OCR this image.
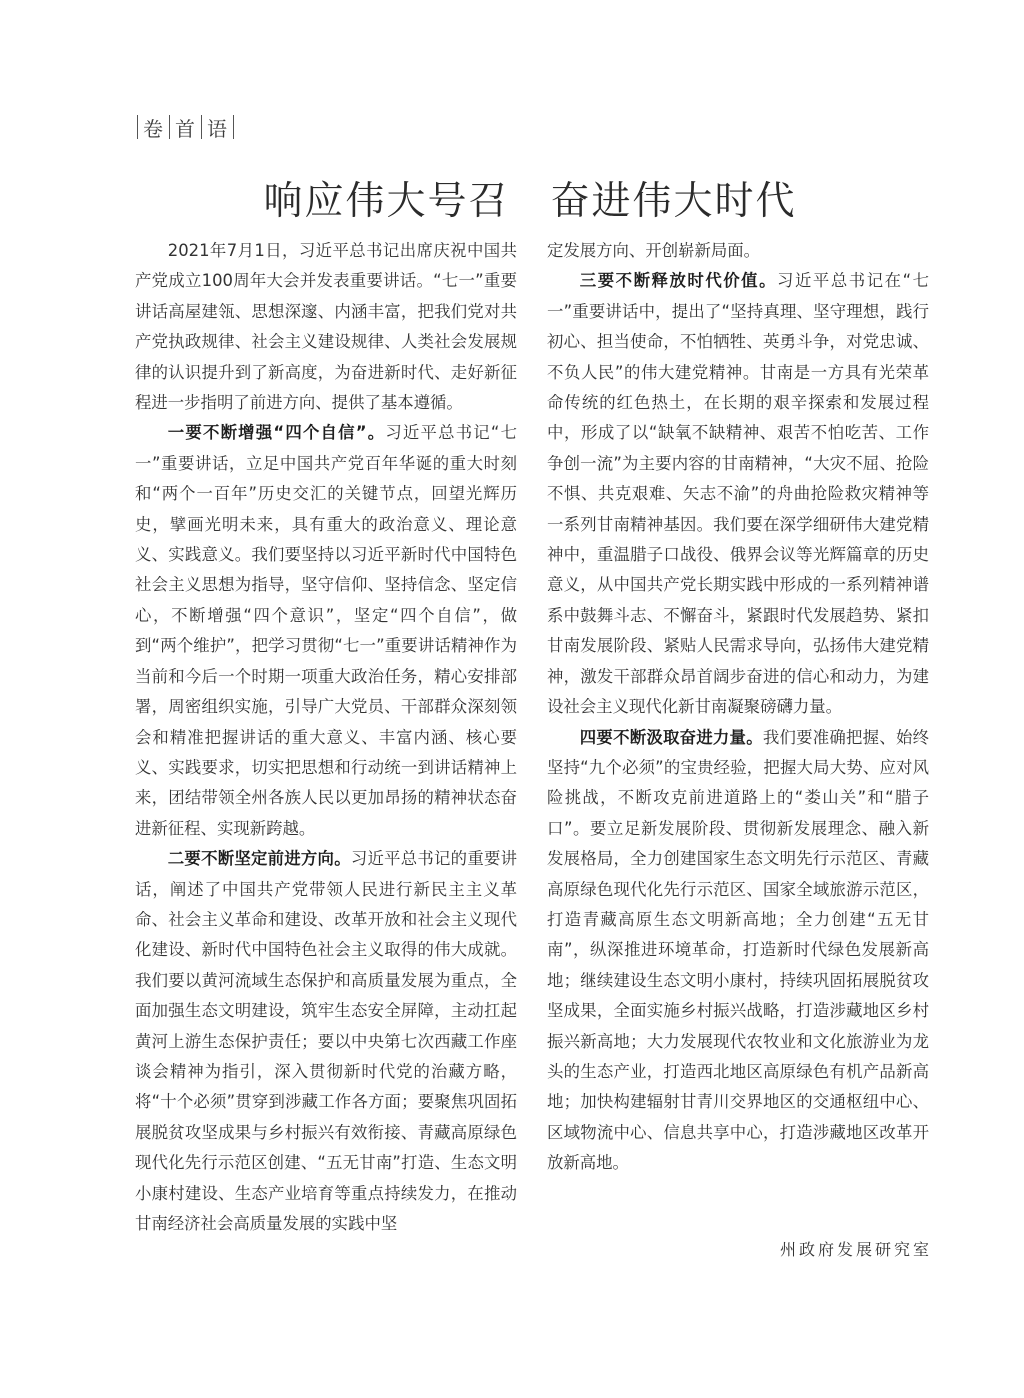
卷 首 语
响应伟大号召　奋进伟大时代

2021年7月1日，习近平总书记出席庆祝中国共产党成立100周年大会并发表重要讲话。“七一”重要讲话高屋建瓴、思想深邃、内涵丰富，把我们党对共产党执政规律、社会主义建设规律、人类社会发展规律的认识提升到了新高度，为奋进新时代、走好新征程进一步指明了前进方向、提供了基本遵循。

一要不断增强“四个自信”。习近平总书记“七一”重要讲话，立足中国共产党百年华诞的重大时刻和“两个一百年”历史交汇的关键节点，回望光辉历史，擘画光明未来，具有重大的政治意义、理论意义、实践意义。我们要坚持以习近平新时代中国特色社会主义思想为指导，坚守信仰、坚持信念、坚定信心，不断增强“四个意识”，坚定“四个自信”，做到“两个维护”，把学习贯彻“七一”重要讲话精神作为当前和今后一个时期一项重大政治任务，精心安排部署，周密组织实施，引导广大党员、干部群众深刻领会和精准把握讲话的重大意义、丰富内涵、核心要义、实践要求，切实把思想和行动统一到讲话精神上来，团结带领全州各族人民以更加昂扬的精神状态奋进新征程、实现新跨越。

二要不断坚定前进方向。习近平总书记的重要讲话，阐述了中国共产党带领人民进行新民主主义革命、社会主义革命和建设、改革开放和社会主义现代化建设、新时代中国特色社会主义取得的伟大成就。我们要以黄河流域生态保护和高质量发展为重点，全面加强生态文明建设，筑牢生态安全屏障，主动扛起黄河上游生态保护责任；要以中央第七次西藏工作座谈会精神为指引，深入贯彻新时代党的治藏方略，将“十个必须”贯穿到涉藏工作各方面；要聚焦巩固拓展脱贫攻坚成果与乡村振兴有效衔接、青藏高原绿色现代化先行示范区创建、“五无甘南”打造、生态文明小康村建设、生态产业培育等重点持续发力，在推动甘南经济社会高质量发展的实践中坚

定发展方向、开创崭新局面。

三要不断释放时代价值。习近平总书记在“七一”重要讲话中，提出了“坚持真理、坚守理想，践行初心、担当使命，不怕牺牲、英勇斗争，对党忠诚、不负人民”的伟大建党精神。甘南是一方具有光荣革命传统的红色热土，在长期的艰辛探索和发展过程中，形成了以“缺氧不缺精神、艰苦不怕吃苦、工作争创一流”为主要内容的甘南精神，“大灾不屈、抢险不惧、共克艰难、矢志不渝”的舟曲抢险救灾精神等一系列甘南精神基因。我们要在深学细研伟大建党精神中，重温腊子口战役、俄界会议等光辉篇章的历史意义，从中国共产党长期实践中形成的一系列精神谱系中鼓舞斗志、不懈奋斗，紧跟时代发展趋势、紧扣甘南发展阶段、紧贴人民需求导向，弘扬伟大建党精神，激发干部群众昂首阔步奋进的信心和动力，为建设社会主义现代化新甘南凝聚磅礴力量。

四要不断汲取奋进力量。我们要准确把握、始终坚持“九个必须”的宝贵经验，把握大局大势、应对风险挑战，不断攻克前进道路上的“娄山关”和“腊子口”。要立足新发展阶段、贯彻新发展理念、融入新发展格局，全力创建国家生态文明先行示范区、青藏高原绿色现代化先行示范区、国家全域旅游示范区，打造青藏高原生态文明新高地；全力创建“五无甘南”，纵深推进环境革命，打造新时代绿色发展新高地；继续建设生态文明小康村，持续巩固拓展脱贫攻坚成果，全面实施乡村振兴战略，打造涉藏地区乡村振兴新高地；大力发展现代农牧业和文化旅游业为龙头的生态产业，打造西北地区高原绿色有机产品新高地；加快构建辐射甘青川交界地区的交通枢纽中心、区域物流中心、信息共享中心，打造涉藏地区改革开放新高地。

州政府发展研究室
